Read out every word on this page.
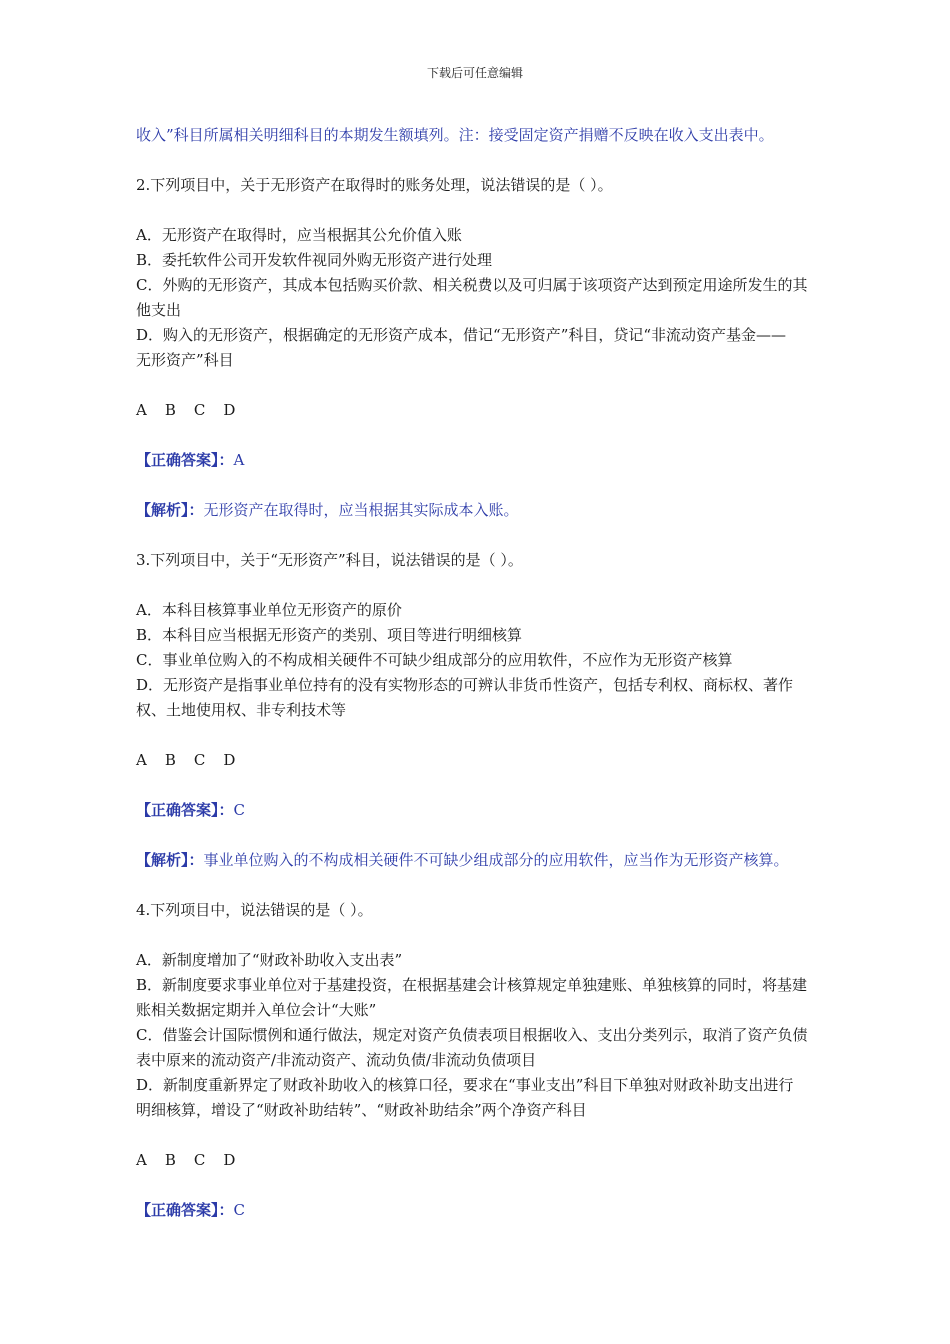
下载后可任意编辑

收入”科目所属相关明细科目的本期发生额填列。注：接受固定资产捐赠不反映在收入支出表中。

2.下列项目中，关于无形资产在取得时的账务处理，说法错误的是（ ）。

A．无形资产在取得时，应当根据其公允价值入账

B．委托软件公司开发软件视同外购无形资产进行处理

C．外购的无形资产，其成本包括购买价款、相关税费以及可归属于该项资产达到预定用途所发生的其

他支出

D．购入的无形资产，根据确定的无形资产成本，借记“无形资产”科目，贷记“非流动资产基金——

无形资产”科目

A B C D

【正确答案】：A

【解析】：无形资产在取得时，应当根据其实际成本入账。

3.下列项目中，关于“无形资产”科目，说法错误的是（ ）。

A．本科目核算事业单位无形资产的原价

B．本科目应当根据无形资产的类别、项目等进行明细核算

C．事业单位购入的不构成相关硬件不可缺少组成部分的应用软件，不应作为无形资产核算

D．无形资产是指事业单位持有的没有实物形态的可辨认非货币性资产，包括专利权、商标权、著作

权、土地使用权、非专利技术等

A B C D

【正确答案】：C

【解析】：事业单位购入的不构成相关硬件不可缺少组成部分的应用软件，应当作为无形资产核算。

4.下列项目中，说法错误的是（ ）。

A．新制度增加了“财政补助收入支出表”

B．新制度要求事业单位对于基建投资，在根据基建会计核算规定单独建账、单独核算的同时，将基建

账相关数据定期并入单位会计“大账”

C．借鉴会计国际惯例和通行做法，规定对资产负债表项目根据收入、支出分类列示，取消了资产负债

表中原来的流动资产/非流动资产、流动负债/非流动负债项目

D．新制度重新界定了财政补助收入的核算口径，要求在“事业支出”科目下单独对财政补助支出进行

明细核算，增设了“财政补助结转”、“财政补助结余”两个净资产科目

A B C D

【正确答案】：C
